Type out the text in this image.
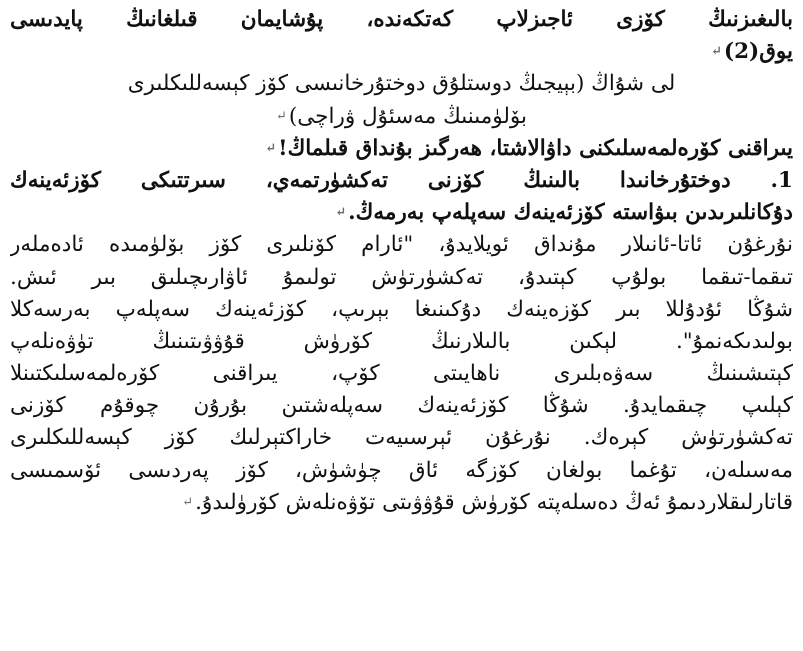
بالىغىزنىڭ كۆزى ئاجىزلاپ كەتكەندە، پۇشايمان قىلغانىڭ پايدىسى
يوق(2)↵
لى شۇاڭ (بېيجىڭ دوستلۇق دوختۇرخانىسى كۆز كېسەللىكلىرى
بۆلۈمىنىڭ مەسئۇل ۋراچى)↵
يىراقنى كۆرەلمەسلىكنى داۋالاشتا، ھەرگىز بۇنداق قىلماڭ!↵
1. دوختۇرخانىدا بالىنىڭ كۆزنى تەكشۈرتمەي، سىرتتىكى كۆزئەينەك
دۇكانلىرىدىن بىۋاستە كۆزئەينەك سەپلەپ بەرمەڭ.↵
نۇرغۇن ئاتا-ئانىلار مۇنداق ئويلايدۇ، "ئارام كۆنلىرى كۆز بۆلۈمىدە ئادەملەر
تىقما-تىقما بولۇپ كېتىدۇ، تەكشۈرتۈش تولىمۇ ئاۋارىچىلىق بىر ئىش.
شۇڭا ئۇدۇللا بىر كۆزەينەك دۇكىنىغا بېرىپ، كۆزئەينەك سەپلەپ بەرسەكلا
بولىدىكەنمۇ". لېكىن بالىلارنىڭ كۆرۈش قۇۋۋىتىنىڭ تۈۋەنلەپ
كېتىشىنىڭ سەۋەبلىرى ناھايىتى كۆپ، يىراقنى كۆرەلمەسلىكتىنلا
كېلىپ چىقمايدۇ. شۇڭا كۆزئەينەك سەپلەشتىن بۇرۇن چوقۇم كۆزنى
تەكشۈرتۈش كېرەك. نۇرغۇن ئېرسىيەت خاراكتېرلىك كۆز كېسەللىكلىرى
مەسىلەن، تۇغما بولغان كۆزگە ئاق چۈشۈش، كۆز پەردىسى ئۆسمىسى
قاتارلىقلاردىمۇ ئەڭ دەسلەپتە كۆرۈش قۇۋۋىتى تۆۋەنلەش كۆرۈلىدۇ.↵
